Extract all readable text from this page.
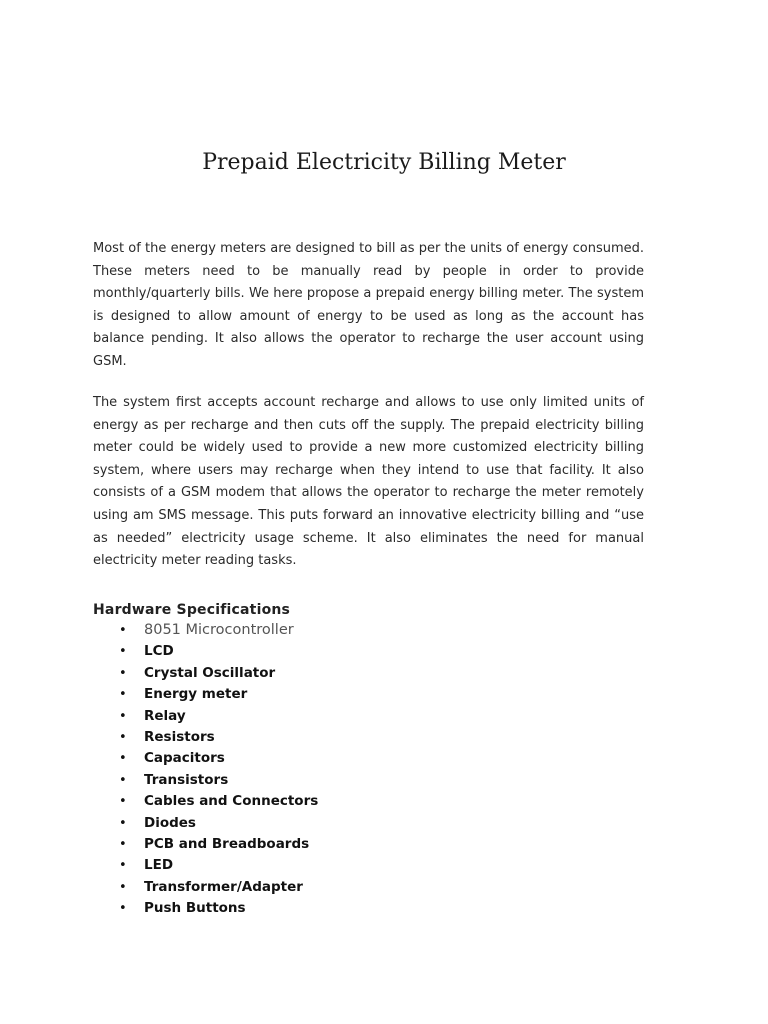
Prepaid Electricity Billing Meter

Most of the energy meters are designed to bill as per the units of energy consumed. These meters need to be manually read by people in order to provide monthly/quarterly bills. We here propose a prepaid energy billing meter. The system is designed to allow amount of energy to be used as long as the account has balance pending. It also allows the operator to recharge the user account using GSM.

The system first accepts account recharge and allows to use only limited units of energy as per recharge and then cuts off the supply. The prepaid electricity billing meter could be widely used to provide a new more customized electricity billing system, where users may recharge when they intend to use that facility. It also consists of a GSM modem that allows the operator to recharge the meter remotely using am SMS message. This puts forward an innovative electricity billing and “use as needed” electricity usage scheme. It also eliminates the need for manual electricity meter reading tasks.

Hardware Specifications
• 8051 Microcontroller
• LCD
• Crystal Oscillator
• Energy meter
• Relay
• Resistors
• Capacitors
• Transistors
• Cables and Connectors
• Diodes
• PCB and Breadboards
• LED
• Transformer/Adapter
• Push Buttons
